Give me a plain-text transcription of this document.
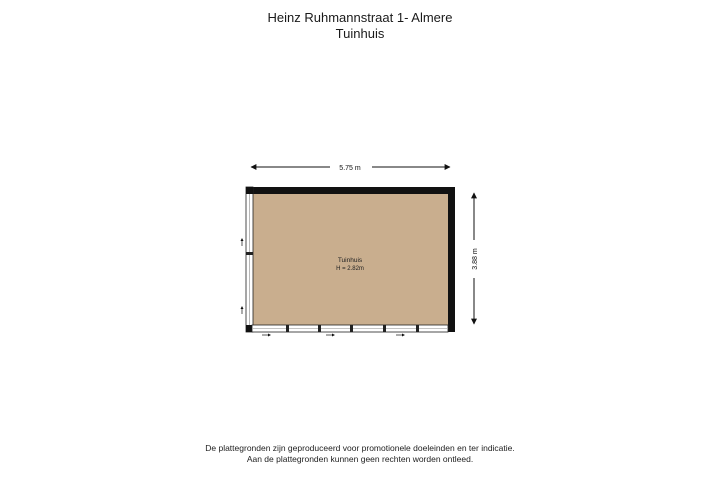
Heinz Ruhmannstraat 1- Almere
Tuinhuis
5.75 m
3.88 m
Tuinhuis
H = 2.82m
De plattegronden zijn geproduceerd voor promotionele doeleinden en ter indicatie.
Aan de plattegronden kunnen geen rechten worden ontleed.
